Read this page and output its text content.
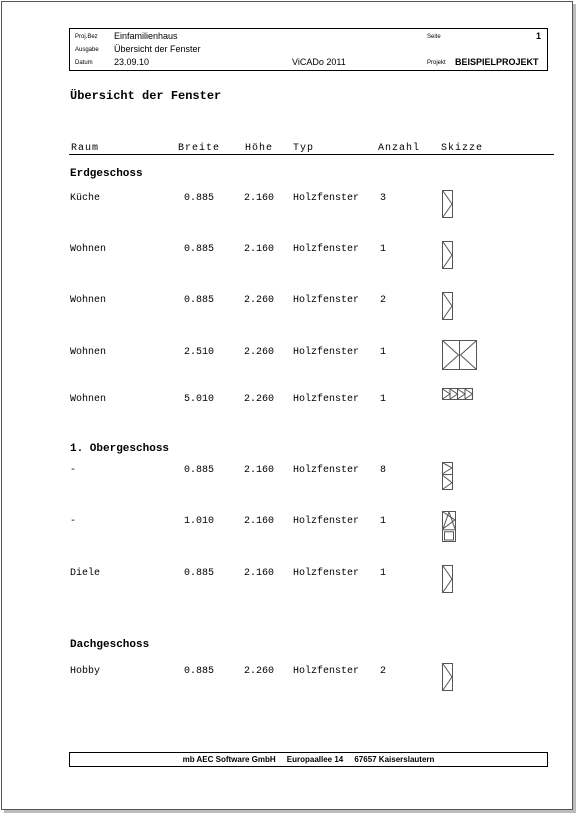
Proj.Bez Einfamilienhaus
Ausgabe Übersicht der Fenster
Datum 23.09.10	ViCADo 2011
Seite	1
Projekt BEISPIELPROJEKT
Übersicht der Fenster
Raum	Breite Höhe Typ	Anzahl Skizze
Erdgeschoss
Küche	0.885	2.160 Holzfenster 3
Wohnen	0.885	2.160 Holzfenster 1
Wohnen	0.885	2.260 Holzfenster 2
Wohnen	2.510	2.260 Holzfenster 1
Wohnen	5.010	2.260 Holzfenster 1
1. Obergeschoss
-	0.885	2.160 Holzfenster 8
-	1.010	2.160 Holzfenster 1
Diele	0.885	2.160 Holzfenster 1
Dachgeschoss
Hobby	0.885	2.260 Holzfenster 2
mb AEC Software GmbH     Europaallee 14     67657 Kaiserslautern
